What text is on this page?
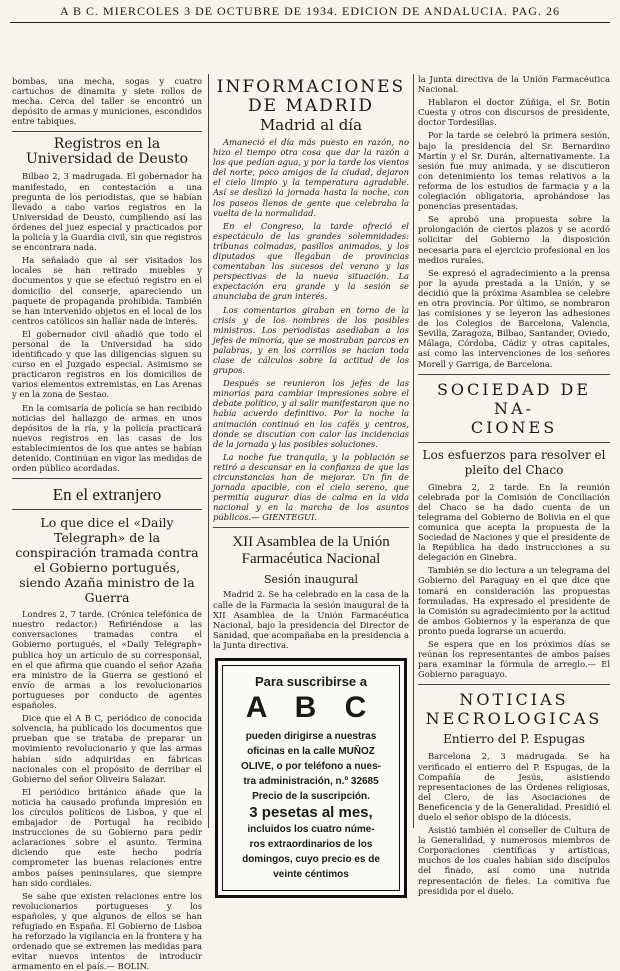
A B C. MIERCOLES 3 DE OCTUBRE DE 1934. EDICION DE ANDALUCIA. PAG. 26

bombas, una mecha, sogas y cuatro cartuchos de dinamita y siete rollos de mecha. Cerca del taller se encontró un depósito de armas y municiones, escondidos entre tabiques.

Registros en la Universidad de Deusto

Bilbao 2, 3 madrugada. El gobernador ha manifestado, en contestación a una pregunta de los periodistas, que se habían llevado a cabo varios registros en la Universidad de Deusto, cumpliendo así las órdenes del juez especial y practicados por la policía y la Guardia civil, sin que registros se encontrara nada.

Ha señalado que al ser visitados los locales se han retirado muebles y documentos y que se efectuó registro en el domicilio del conserje, apareciendo un paquete de propaganda prohibida. También se han intervenido objetos en el local de los centros católicos sin hallar nada de interés.

El gobernador civil añadió que todo el personal de la Universidad ha sido identificado y que las diligencias siguen su curso en el Juzgado especial. Asimismo se practicaron registros en los domicilios de varios elementos extremistas, en Las Arenas y en la zona de Sestao.

En la comisaría de policía se han recibido noticias del hallazgo de armas en unos depósitos de la ría, y la policía practicará nuevos registros en las casas de los establecimientos de los que antes se habían detenido. Continúan en vigor las medidas de orden público acordadas.

En el extranjero
Lo que dice el «Daily Telegraph» de la conspiración tramada contra el Gobierno portugués, siendo Azaña ministro de la Guerra

Londres 2, 7 tarde. (Crónica telefónica de nuestro redactor.) Refiriéndose a las conversaciones tramadas contra el Gobierno portugués, el «Daily Telegraph» publica hoy un artículo de su corresponsal, en el que afirma que cuando el señor Azaña era ministro de la Guerra se gestionó el envío de armas a los revolucionarios portugueses por conducto de agentes españoles.

Dice que el A B C, periódico de conocida solvencia, ha publicado los documentos que prueban que se trataba de preparar un movimiento revolucionario y que las armas habían sido adquiridas en fábricas nacionales con el propósito de derribar el Gobierno del señor Oliveira Salazar.

El periódico británico añade que la noticia ha causado profunda impresión en los círculos políticos de Lisboa, y que el embajador de Portugal ha recibido instrucciones de su Gobierno para pedir aclaraciones sobre el asunto. Termina diciendo que este hecho podría comprometer las buenas relaciones entre ambos países peninsulares, que siempre han sido cordiales.

Se sabe que existen relaciones entre los revolucionarios portugueses y los españoles, y que algunos de ellos se han refugiado en España. El Gobierno de Lisboa ha reforzado la vigilancia en la frontera y ha ordenado que se extremen las medidas para evitar nuevos intentos de introducir armamento en el país.— BOLIN.

INFORMACIONES
DE MADRID
Madrid al día

Amaneció el día más puesto en razón, no hizo el tiempo otra cosa que dar la razón a los que pedían agua, y por la tarde los vientos del norte, poco amigos de la ciudad, dejaron el cielo limpio y la temperatura agradable. Así se deslizó la jornada hasta la noche, con los paseos llenos de gente que celebraba la vuelta de la normalidad.

En el Congreso, la tarde ofreció el espectáculo de las grandes solemnidades: tribunas colmadas, pasillos animados, y los diputados que llegaban de provincias comentaban los sucesos del verano y las perspectivas de la nueva situación. La expectación era grande y la sesión se anunciaba de gran interés.

Los comentarios giraban en torno de la crisis y de los nombres de los posibles ministros. Los periodistas asediaban a los jefes de minoría, que se mostraban parcos en palabras, y en los corrillos se hacían toda clase de cálculos sobre la actitud de los grupos.

Después se reunieron los jefes de las minorías para cambiar impresiones sobre el debate político, y al salir manifestaron que no había acuerdo definitivo. Por la noche la animación continuó en los cafés y centros, donde se discutían con calor las incidencias de la jornada y las posibles soluciones.

La noche fue tranquila, y la población se retiró a descansar en la confianza de que las circunstancias han de mejorar. Un fin de jornada apacible, con el cielo sereno, que permitía augurar días de calma en la vida nacional y en la marcha de los asuntos públicos.— GIENTEGUI.

XII Asamblea de la Unión Farmacéutica Nacional
Sesión inaugural

Madrid 2. Se ha celebrado en la casa de la calle de la Farmacia la sesión inaugural de la XII Asamblea de la Unión Farmacéutica Nacional, bajo la presidencia del Director de Sanidad, que acompañaba en la presidencia a la Junta directiva.

Para suscribirse a
A B C
pueden dirigirse a nuestras
oficinas en la calle MUÑOZ
OLIVE, o por teléfono a nues-
tra administración, n.º 32685
Precio de la suscripción.
3 pesetas al mes,
incluidos los cuatro núme-
ros extraordinarios de los
domingos, cuyo precio es de
veinte céntimos

la Junta directiva de la Unión Farmacéutica Nacional.

Hablaron el doctor Zúñiga, el Sr. Botín Cuesta y otros con discursos de presidente, doctor Tordesillas.

Por la tarde se celebró la primera sesión, bajo la presidencia del Sr. Bernardino Martín y el Sr. Durán, alternativamente. La sesión fue muy animada, y se discutieron con detenimiento los temas relativos a la reforma de los estudios de farmacia y a la colegiación obligatoria, aprobándose las ponencias presentadas.

Se aprobó una propuesta sobre la prolongación de ciertos plazos y se acordó solicitar del Gobierno la disposición necesaria para el ejercicio profesional en los medios rurales.

Se expresó el agradecimiento a la prensa por la ayuda prestada a la Unión, y se decidió que la próxima Asamblea se celebre en otra provincia. Por último, se nombraron las comisiones y se leyeron las adhesiones de los Colegios de Barcelona, Valencia, Sevilla, Zaragoza, Bilbao, Santander, Oviedo, Málaga, Córdoba, Cádiz y otras capitales, así como las intervenciones de los señores Morell y Garriga, de Barcelona.

SOCIEDAD DE NA-
CIONES
Los esfuerzos para resolver el pleito del Chaco

Ginebra 2, 2 tarde. En la reunión celebrada por la Comisión de Conciliación del Chaco se ha dado cuenta de un telegrama del Gobierno de Bolivia en el que comunica que acepta la propuesta de la Sociedad de Naciones y que el presidente de la República ha dado instrucciones a su delegación en Ginebra.

También se dio lectura a un telegrama del Gobierno del Paraguay en el que dice que tomará en consideración las propuestas formuladas. Ha expresado el presidente de la Comisión su agradecimiento por la actitud de ambos Gobiernos y la esperanza de que pronto pueda lograrse un acuerdo.

Se espera que en los próximos días se reúnan los representantes de ambos países para examinar la fórmula de arreglo.— El Gobierno paraguayo.

NOTICIAS
NECROLOGICAS
Entierro del P. Espugas

Barcelona 2, 3 madrugada. Se ha verificado el entierro del P. Espugas, de la Compañía de Jesús, asistiendo representaciones de las Órdenes religiosas, del Clero, de las Asociaciones de Beneficencia y de la Generalidad. Presidió el duelo el señor obispo de la diócesis.

Asistió también el conseller de Cultura de la Generalidad, y numerosos miembros de Corporaciones científicas y artísticas, muchos de los cuales habían sido discípulos del finado, así como una nutrida representación de fieles. La comitiva fue presidida por el duelo.
